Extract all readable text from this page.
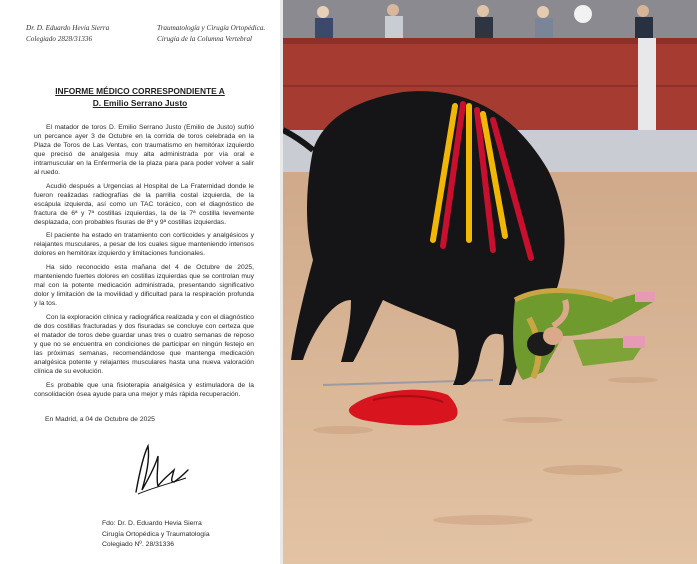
Dr. D. Eduardo Hevia Sierra
Colegiado 2828/31336
Traumatología y Cirugía Ortopédica.
Cirugía de la Columna Vertebral
INFORME MÉDICO CORRESPONDIENTE A
D. Emilio Serrano Justo

El matador de toros D. Emilio Serrano Justo (Emilio de Justo) sufrió un percance ayer 3 de Octubre en la corrida de toros celebrada en la Plaza de Toros de Las Ventas, con traumatismo en hemitórax izquierdo que precisó de analgesia muy alta administrada por vía oral e intramuscular en la Enfermería de la plaza para para poder volver a salir al ruedo.

Acudió después a Urgencias al Hospital de La Fraternidad donde le fueron realizadas radiografías de la parrilla costal izquierda, de la escápula izquierda, así como un TAC torácico, con el diagnóstico de fractura de 6ª y 7ª costillas izquierdas, la de la 7ª costilla levemente desplazada, con probables fisuras de 8ª y 9ª costillas izquierdas.

El paciente ha estado en tratamiento con corticoides y analgésicos y relajantes musculares, a pesar de los cuales sigue manteniendo intensos dolores en hemitórax izquierdo y limitaciones funcionales.

Ha sido reconocido esta mañana del 4 de Octubre de 2025, manteniendo fuertes dolores en costillas izquierdas que se controlan muy mal con la potente medicación administrada, presentando significativo dolor y limitación de la movilidad y dificultad para la respiración profunda y la tos.

Con la exploración clínica y radiográfica realizada y con el diagnóstico de dos costillas fracturadas y dos fisuradas se concluye con certeza que el matador de toros debe guardar unas tres o cuatro semanas de reposo y que no se encuentra en condiciones de participar en ningún festejo en las próximas semanas, recomendándose que mantenga medicación analgésica potente y relajantes musculares hasta una nueva valoración clínica de su evolución.

Es probable que una fisioterapia analgésica y estimuladora de la consolidación ósea ayude para una mejor y más rápida recuperación.

En Madrid, a 04 de Octubre de 2025
Fdo: Dr. D. Eduardo Hevia Sierra
Cirugía Ortopédica y Traumatología
Colegiado Nº. 28/31336
